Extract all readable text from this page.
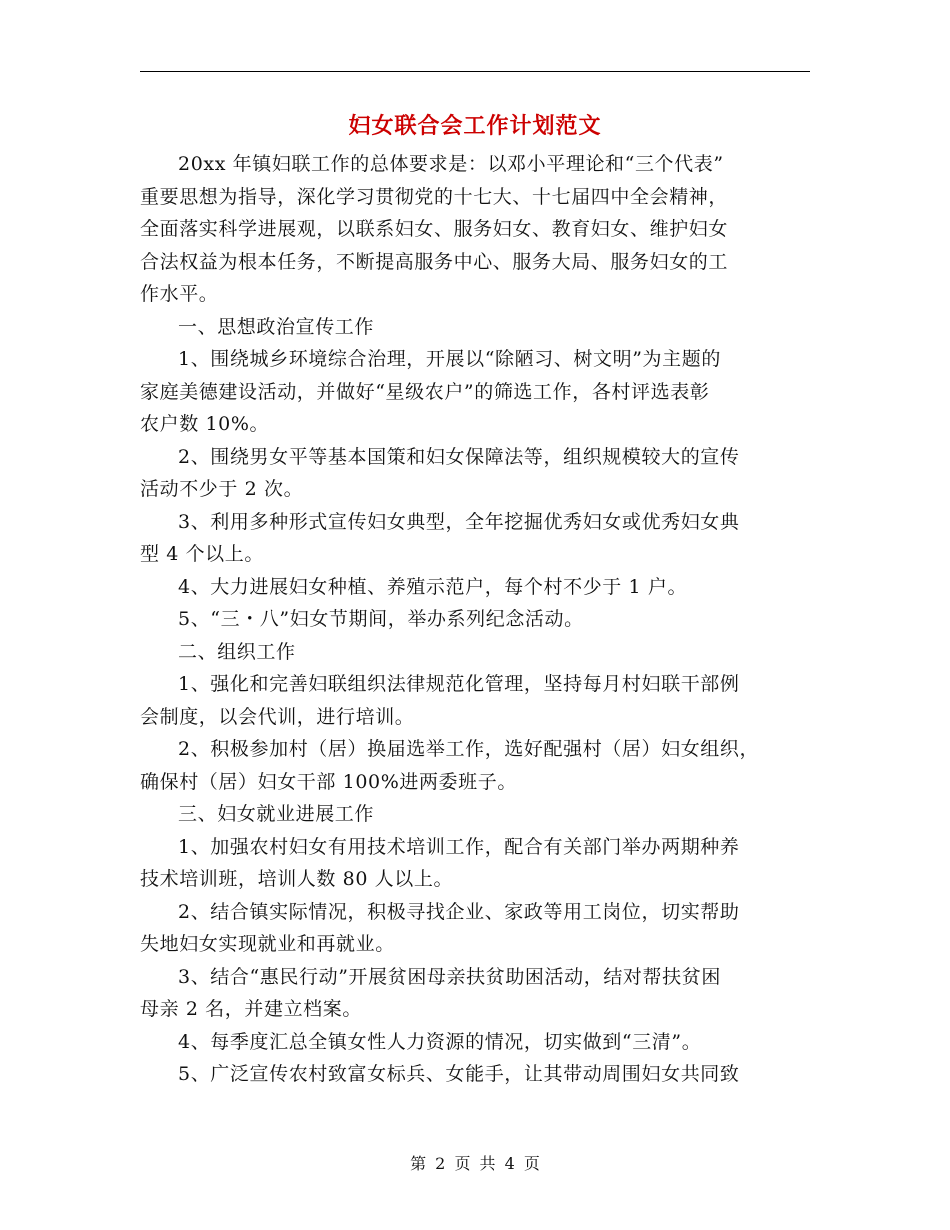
妇女联合会工作计划范文

20xx 年镇妇联工作的总体要求是：以邓小平理论和“三个代表”

重要思想为指导，深化学习贯彻党的十七大、十七届四中全会精神，

全面落实科学进展观，以联系妇女、服务妇女、教育妇女、维护妇女

合法权益为根本任务，不断提高服务中心、服务大局、服务妇女的工

作水平。

一、思想政治宣传工作

1、围绕城乡环境综合治理，开展以“除陋习、树文明”为主题的

家庭美德建设活动，并做好“星级农户”的筛选工作，各村评选表彰

农户数 10%。

2、围绕男女平等基本国策和妇女保障法等，组织规模较大的宣传

活动不少于 2 次。

3、利用多种形式宣传妇女典型，全年挖掘优秀妇女或优秀妇女典

型 4 个以上。

4、大力进展妇女种植、养殖示范户，每个村不少于 1 户。

5、“三・八”妇女节期间，举办系列纪念活动。

二、组织工作

1、强化和完善妇联组织法律规范化管理，坚持每月村妇联干部例

会制度，以会代训，进行培训。

2、积极参加村（居）换届选举工作，选好配强村（居）妇女组织，

确保村（居）妇女干部 100%进两委班子。

三、妇女就业进展工作

1、加强农村妇女有用技术培训工作，配合有关部门举办两期种养

技术培训班，培训人数 80 人以上。

2、结合镇实际情况，积极寻找企业、家政等用工岗位，切实帮助

失地妇女实现就业和再就业。

3、结合“惠民行动”开展贫困母亲扶贫助困活动，结对帮扶贫困

母亲 2 名，并建立档案。

4、每季度汇总全镇女性人力资源的情况，切实做到“三清”。

5、广泛宣传农村致富女标兵、女能手，让其带动周围妇女共同致

第 2 页 共 4 页
